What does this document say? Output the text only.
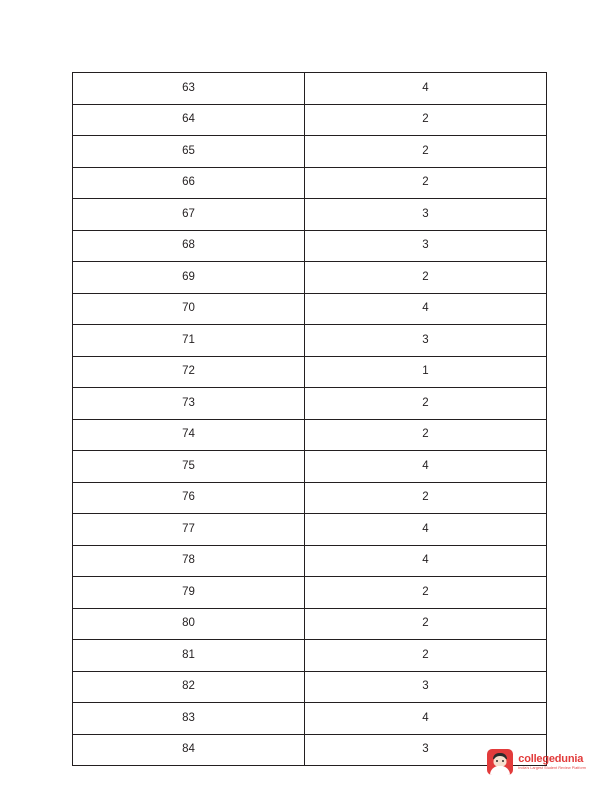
63	4
64	2
65	2
66	2
67	3
68	3
69	2
70	4
71	3
72	1
73	2
74	2
75	4
76	2
77	4
78	4
79	2
80	2
81	2
82	3
83	4
84	3
collegedunia
India's Largest Student Review Platform
